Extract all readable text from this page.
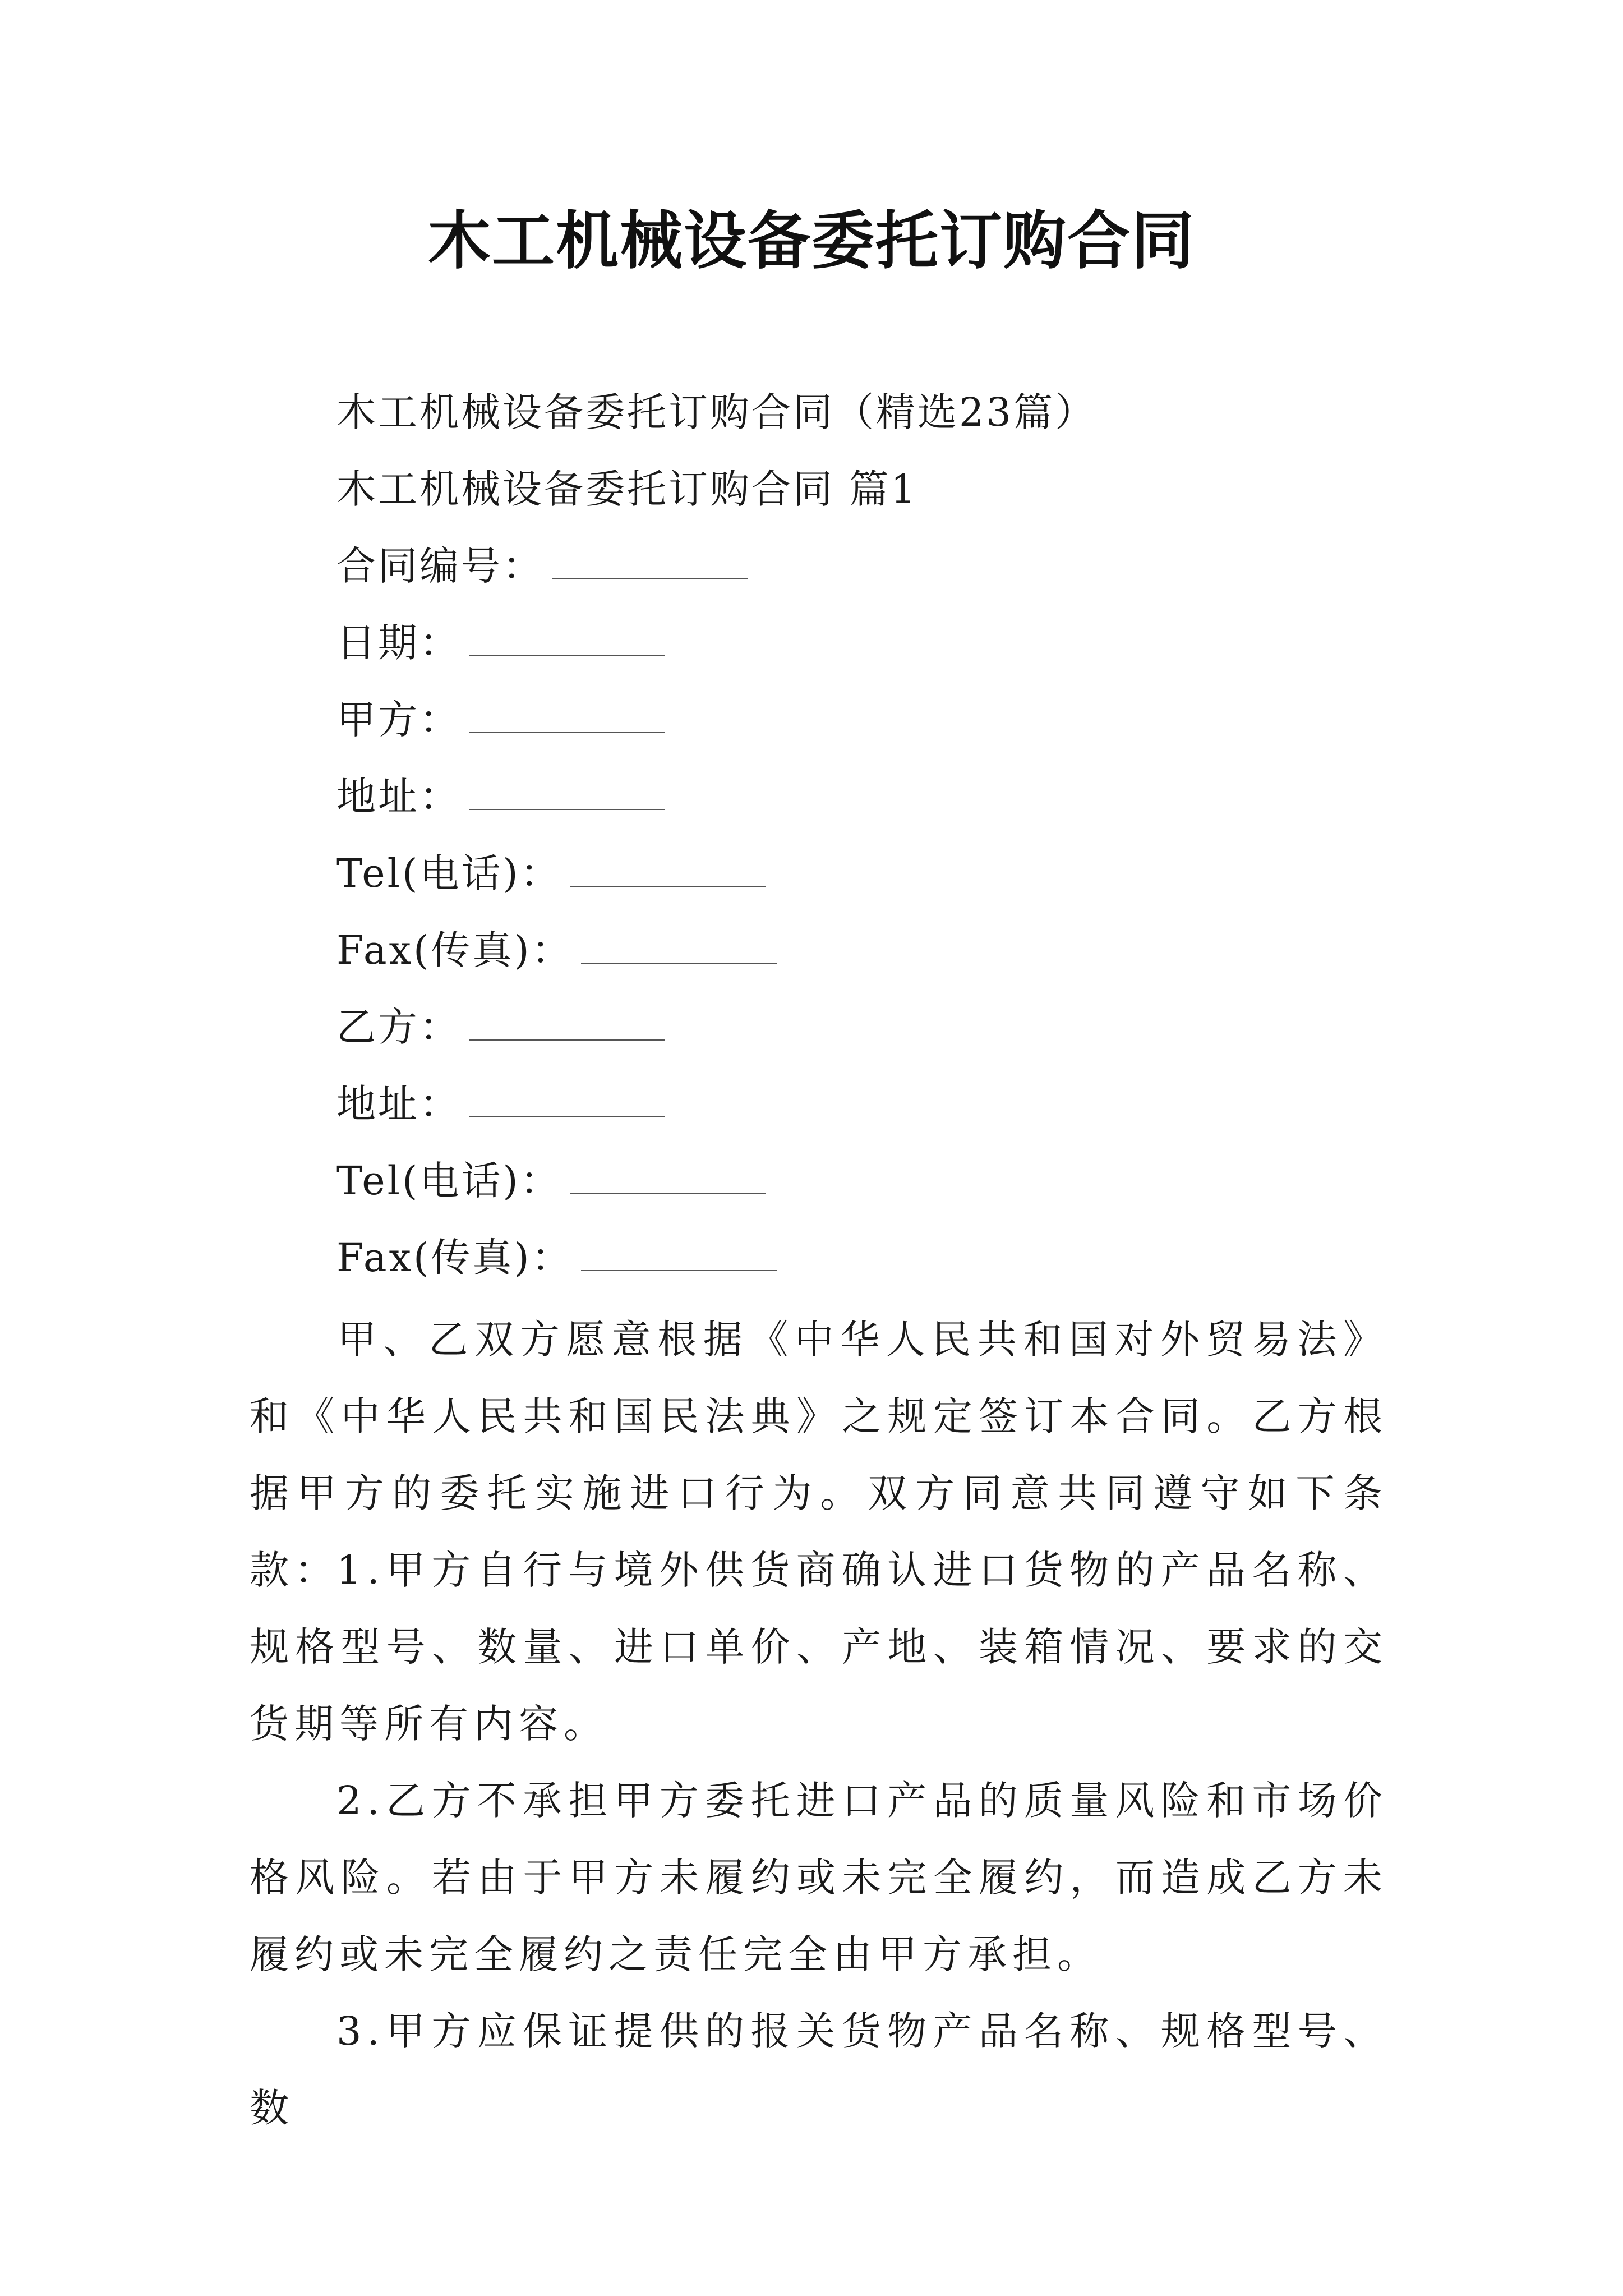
木工机械设备委托订购合同
木工机械设备委托订购合同（精选23篇）
木工机械设备委托订购合同 篇1
合同编号：
日期：
甲方：
地址：
Tel(电话)：
Fax(传真)：
乙方：
地址：
Tel(电话)：
Fax(传真)：
甲、乙双方愿意根据《中华人民共和国对外贸易法》和《中华人民共和国民法典》之规定签订本合同。乙方根据甲方的委托实施进口行为。双方同意共同遵守如下条款：
1.甲方自行与境外供货商确认进口货物的产品名称、规格型号、数量、进口单价、产地、装箱情况、要求的交货期等所有内容。
2.乙方不承担甲方委托进口产品的质量风险和市场价格风险。若由于甲方未履约或未完全履约，而造成乙方未履约或未完全履约之责任完全由甲方承担。
3.甲方应保证提供的报关货物产品名称、规格型号、数
